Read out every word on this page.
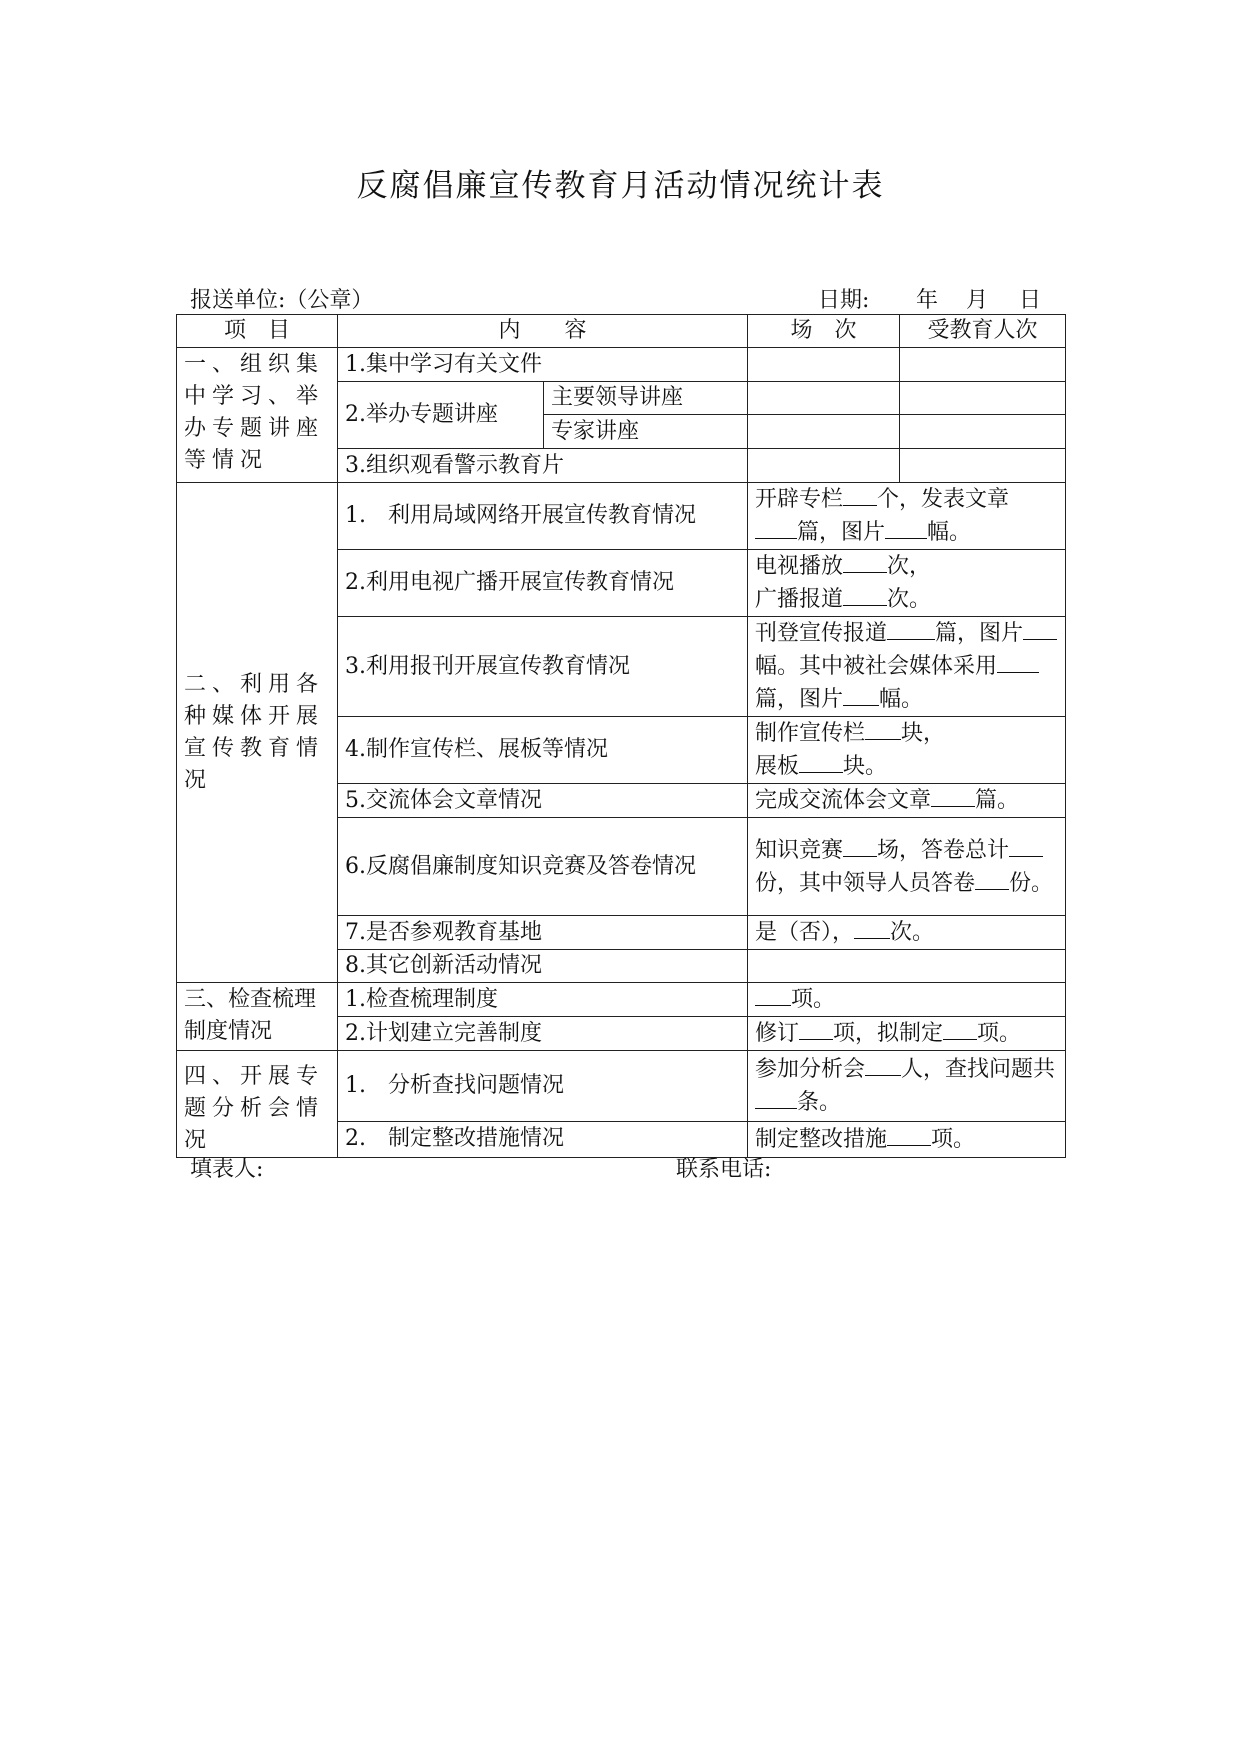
反腐倡廉宣传教育月活动情况统计表
报送单位:（公章）	日期: 年 月 日
项　目	内　　容		场　次	受教育人次
一、组织集中学习、举办专题讲座等情况	1.集中学习有关文件			
	2.举办专题讲座	主要领导讲座		
		专家讲座		
	3.组织观看警示教育片			
二、利用各种媒体开展宣传教育情况	1.　利用局域网络开展宣传教育情况		开辟专栏 个，发表文章
篇，图片 幅。	
	2.利用电视广播开展宣传教育情况		电视播放 次，
广播报道 次。	
	3.利用报刊开展宣传教育情况		刊登宣传报道 篇，图片幅。其中被社会媒体采用篇，图片 幅。	
	4.制作宣传栏、展板等情况		制作宣传栏 块，
展板 块。	
	5.交流体会文章情况		完成交流体会文章 篇。	
	6.反腐倡廉制度知识竞赛及答卷情况		知识竞赛 场，答卷总计份，其中领导人员答卷 份。	
	7.是否参观教育基地		是（否）， 次。	
	8.其它创新活动情况			
三、检查梳理制度情况	1.检查梳理制度		项。	
	2.计划建立完善制度		修订 项，拟制定 项。	
四、开展专题分析会情况	1.　分析查找问题情况		参加分析会 人，查找问题共条。	
	2.　制定整改措施情况		制定整改措施 项。	
填表人:	联系电话:
